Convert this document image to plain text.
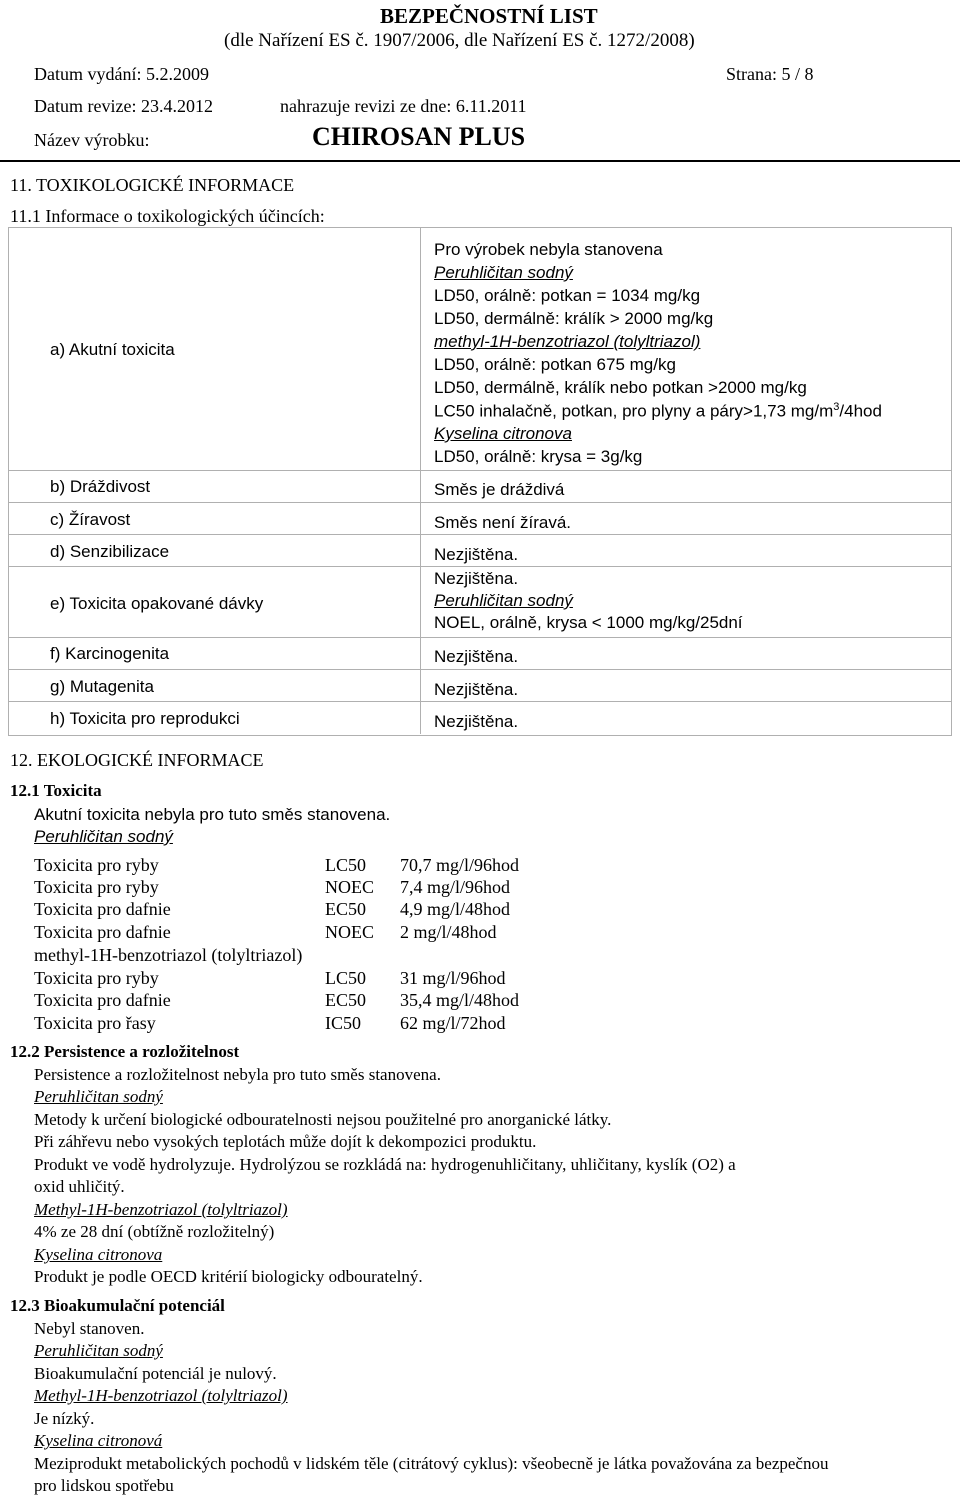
BEZPEČNOSTNÍ LIST
(dle Nařízení ES č. 1907/2006, dle Nařízení ES č. 1272/2008)
Datum vydání: 5.2.2009	Strana: 5 / 8
Datum revize: 23.4.2012	nahrazuje revizi ze dne: 6.11.2011
Název výrobku:	CHIROSAN PLUS
11. TOXIKOLOGICKÉ INFORMACE
11.1 Informace o toxikologických účincích:
a) Akutní toxicita
Pro výrobek nebyla stanovena
Peruhličitan sodný
LD50, orálně: potkan = 1034 mg/kg
LD50, dermálně: králík > 2000 mg/kg
methyl-1H-benzotriazol (tolyltriazol)
LD50, orálně: potkan 675 mg/kg
LD50, dermálně, králík nebo potkan >2000 mg/kg
LC50 inhalačně, potkan, pro plyny a páry>1,73 $mg/m^3/4hod$
Kyselina citronova
LD50, orálně: krysa = 3g/kg
b) Dráždivost	Směs je dráždivá
c) Žíravost	Směs není žíravá.
d) Senzibilizace	Nezjištěna.
e) Toxicita opakované dávky
Nezjištěna.
Peruhličitan sodný
NOEL, orálně, krysa < 1000 mg/kg/25dní
f) Karcinogenita	Nezjištěna.
g) Mutagenita	Nezjištěna.
h) Toxicita pro reprodukci	Nezjištěna.
12. EKOLOGICKÉ INFORMACE
12.1 Toxicita
Akutní toxicita nebyla pro tuto směs stanovena.
Peruhličitan sodný
Toxicita pro ryby	LC50 70,7 mg/l/96hod
Toxicita pro ryby	NOEC 7,4 mg/l/96hod
Toxicita pro dafnie	EC50 4,9 mg/l/48hod
Toxicita pro dafnie	NOEC 2 mg/l/48hod
methyl-1H-benzotriazol (tolyltriazol)
Toxicita pro ryby	LC50 31 mg/l/96hod
Toxicita pro dafnie	EC50 35,4 mg/l/48hod
Toxicita pro řasy	IC50 62 mg/l/72hod
12.2 Persistence a rozložitelnost
Persistence a rozložitelnost nebyla pro tuto směs stanovena.
Peruhličitan sodný
Metody k určení biologické odbouratelnosti nejsou použitelné pro anorganické látky.
Při záhřevu nebo vysokých teplotách může dojít k dekompozici produktu.
Produkt ve vodě hydrolyzuje. Hydrolýzou se rozkládá na: hydrogenuhličitany, uhličitany, kyslík (O2) a
oxid uhličitý.
Methyl-1H-benzotriazol (tolyltriazol)
4% ze 28 dní (obtížně rozložitelný)
Kyselina citronova
Produkt je podle OECD kritérií biologicky odbouratelný.
12.3 Bioakumulační potenciál
Nebyl stanoven.
Peruhličitan sodný
Bioakumulační potenciál je nulový.
Methyl-1H-benzotriazol (tolyltriazol)
Je nízký.
Kyselina citronová
Meziprodukt metabolických pochodů v lidském těle (citrátový cyklus): všeobecně je látka považována za bezpečnou
pro lidskou spotřebu
